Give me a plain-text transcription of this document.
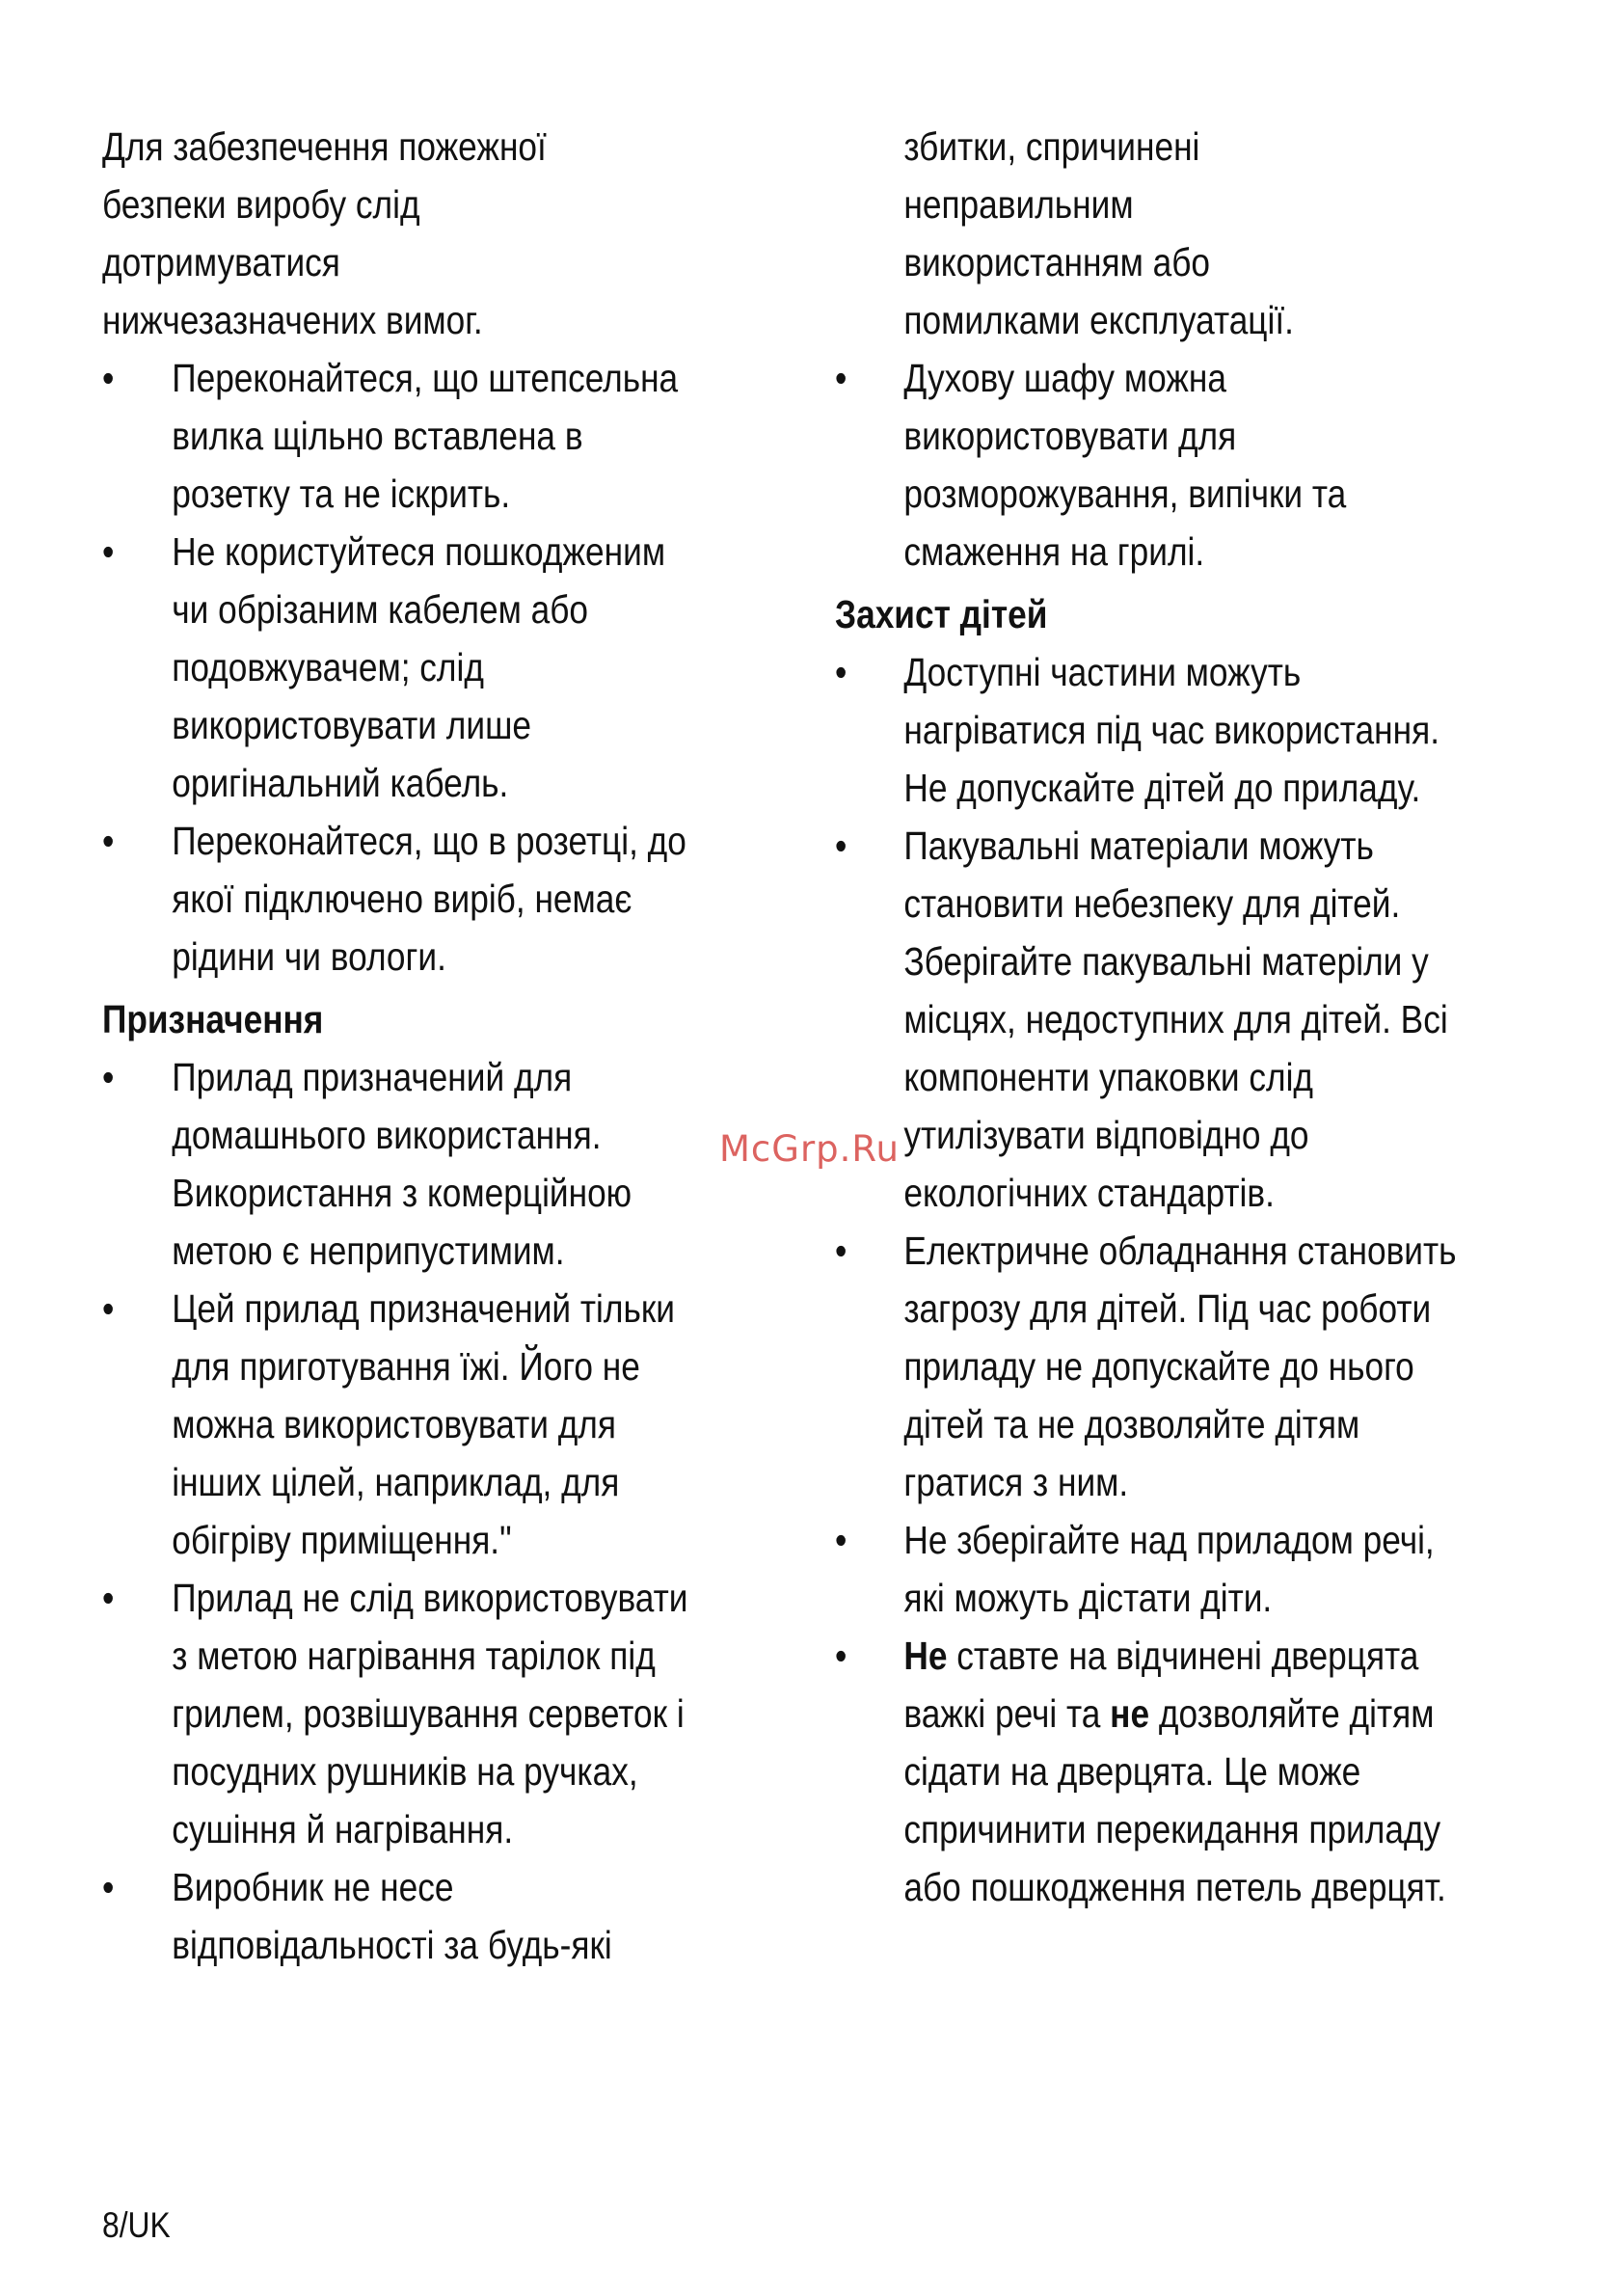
Для забезпечення пожежної безпеки виробу слід дотримуватися нижчезазначених вимог.

• Переконайтеся, що штепсельна вилка щільно вставлена в розетку та не іскрить.
• Не користуйтеся пошкодженим чи обрізаним кабелем або подовжувачем; слід використовувати лише оригінальний кабель.
• Переконайтеся, що в розетці, до якої підключено виріб, немає рідини чи вологи.

Призначення

• Прилад призначений для домашнього використання. Використання з комерційною метою є неприпустимим.
• Цей прилад призначений тільки для приготування їжі. Його не можна використовувати для інших цілей, наприклад, для обігріву приміщення."
• Прилад не слід використовувати з метою нагрівання тарілок під грилем, розвішування серветок і посудних рушників на ручках, сушіння й нагрівання.
• Виробник не несе відповідальності за будь-які

збитки, спричинені неправильним використанням або помилками експлуатації.

• Духову шафу можна використовувати для розморожування, випічки та смаження на грилі.

Захист дітей

• Доступні частини можуть нагріватися під час використання. Не допускайте дітей до приладу.
• Пакувальні матеріали можуть становити небезпеку для дітей. Зберігайте пакувальні матеріли у місцях, недоступних для дітей. Всі компоненти упаковки слід утилізувати відповідно до екологічних стандартів.
• Електричне обладнання становить загрозу для дітей. Під час роботи приладу не допускайте до нього дітей та не дозволяйте дітям гратися з ним.
• Не зберігайте над приладом речі, які можуть дістати діти.
• Не ставте на відчинені дверцята важкі речі та не дозволяйте дітям сідати на дверцята. Це може спричинити перекидання приладу або пошкодження петель дверцят.
McGrp.Ru
8/UK
